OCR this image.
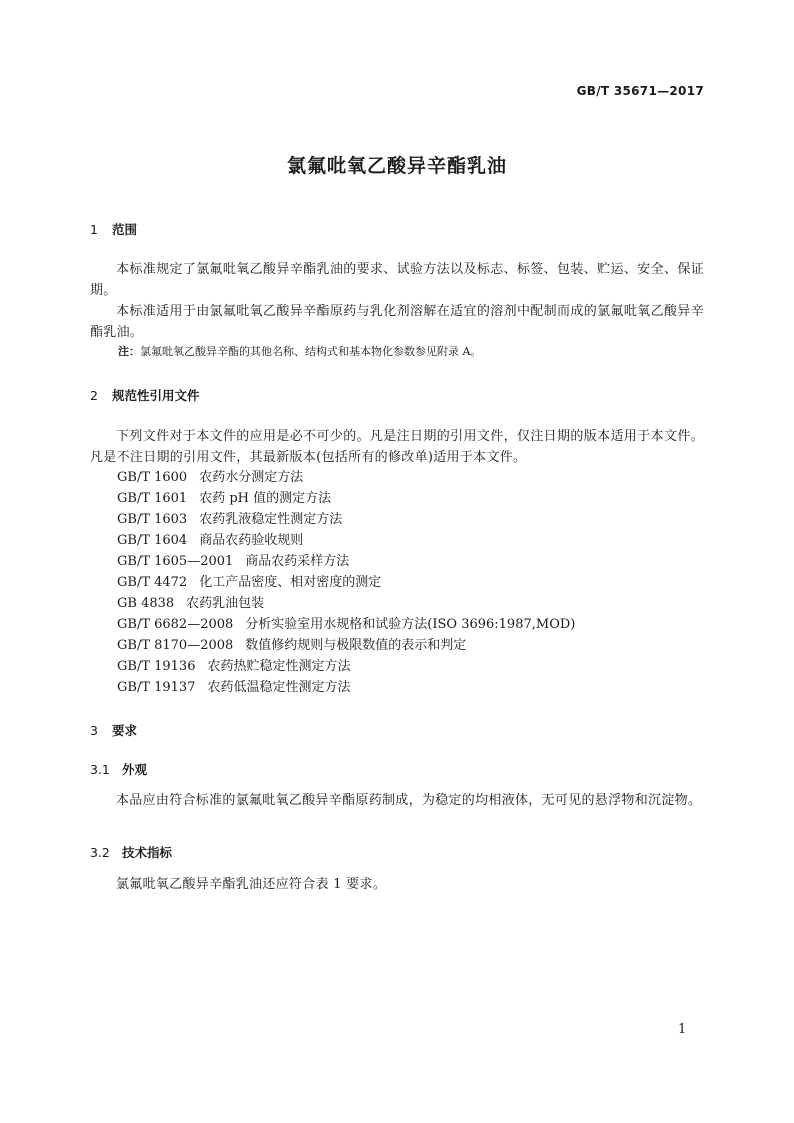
GB/T 35671—2017
氯氟吡氧乙酸异辛酯乳油
1 范围
本标准规定了氯氟吡氧乙酸异辛酯乳油的要求、试验方法以及标志、标签、包装、贮运、安全、保证期。
本标准适用于由氯氟吡氧乙酸异辛酯原药与乳化剂溶解在适宜的溶剂中配制而成的氯氟吡氧乙酸异辛酯乳油。
注：氯氟吡氧乙酸异辛酯的其他名称、结构式和基本物化参数参见附录 A。
2 规范性引用文件
下列文件对于本文件的应用是必不可少的。凡是注日期的引用文件，仅注日期的版本适用于本文件。凡是不注日期的引用文件，其最新版本(包括所有的修改单)适用于本文件。
GB/T 1600 农药水分测定方法
GB/T 1601 农药 pH 值的测定方法
GB/T 1603 农药乳液稳定性测定方法
GB/T 1604 商品农药验收规则
GB/T 1605—2001 商品农药采样方法
GB/T 4472 化工产品密度、相对密度的测定
GB 4838 农药乳油包装
GB/T 6682—2008 分析实验室用水规格和试验方法(ISO 3696:1987,MOD)
GB/T 8170—2008 数值修约规则与极限数值的表示和判定
GB/T 19136 农药热贮稳定性测定方法
GB/T 19137 农药低温稳定性测定方法
3 要求
3.1 外观
本品应由符合标准的氯氟吡氧乙酸异辛酯原药制成，为稳定的均相液体，无可见的悬浮物和沉淀物。
3.2 技术指标
氯氟吡氧乙酸异辛酯乳油还应符合表 1 要求。
1
